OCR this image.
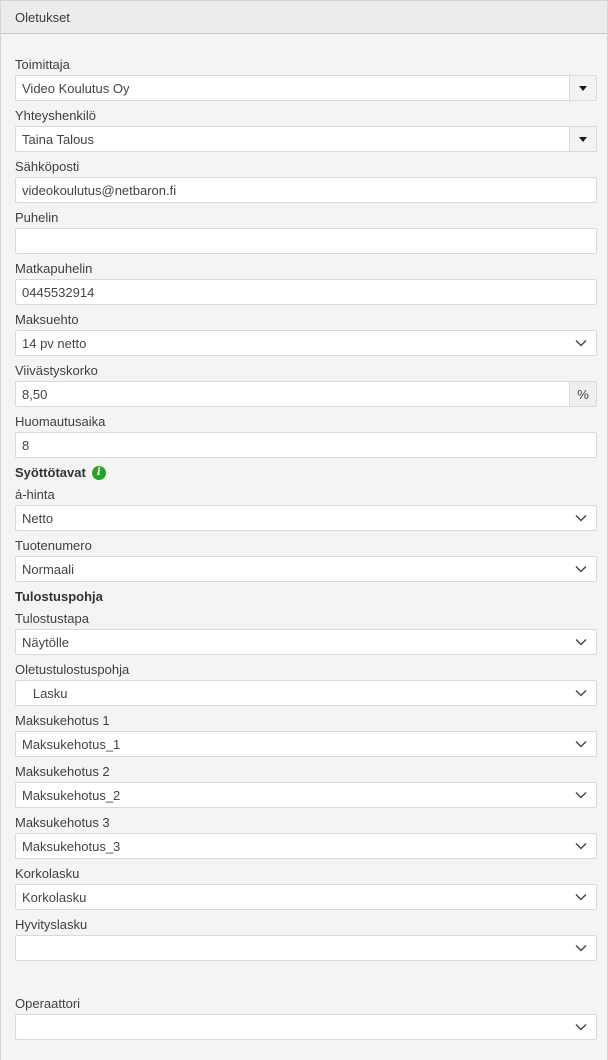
Oletukset
Toimittaja
Video Koulutus Oy
Yhteyshenkilö
Taina Talous
Sähköposti
videokoulutus@netbaron.fi
Puhelin
Matkapuhelin
0445532914
Maksuehto
14 pv netto
Viivästyskorko
8,50
%
Huomautusaika
8
Syöttötavat	i
á-hinta
Netto
Tuotenumero
Normaali
Tulostuspohja
Tulostustapa
Näytölle
Oletustulostuspohja
Lasku
Maksukehotus 1
Maksukehotus_1
Maksukehotus 2
Maksukehotus_2
Maksukehotus 3
Maksukehotus_3
Korkolasku
Korkolasku
Hyvityslasku
Operaattori
